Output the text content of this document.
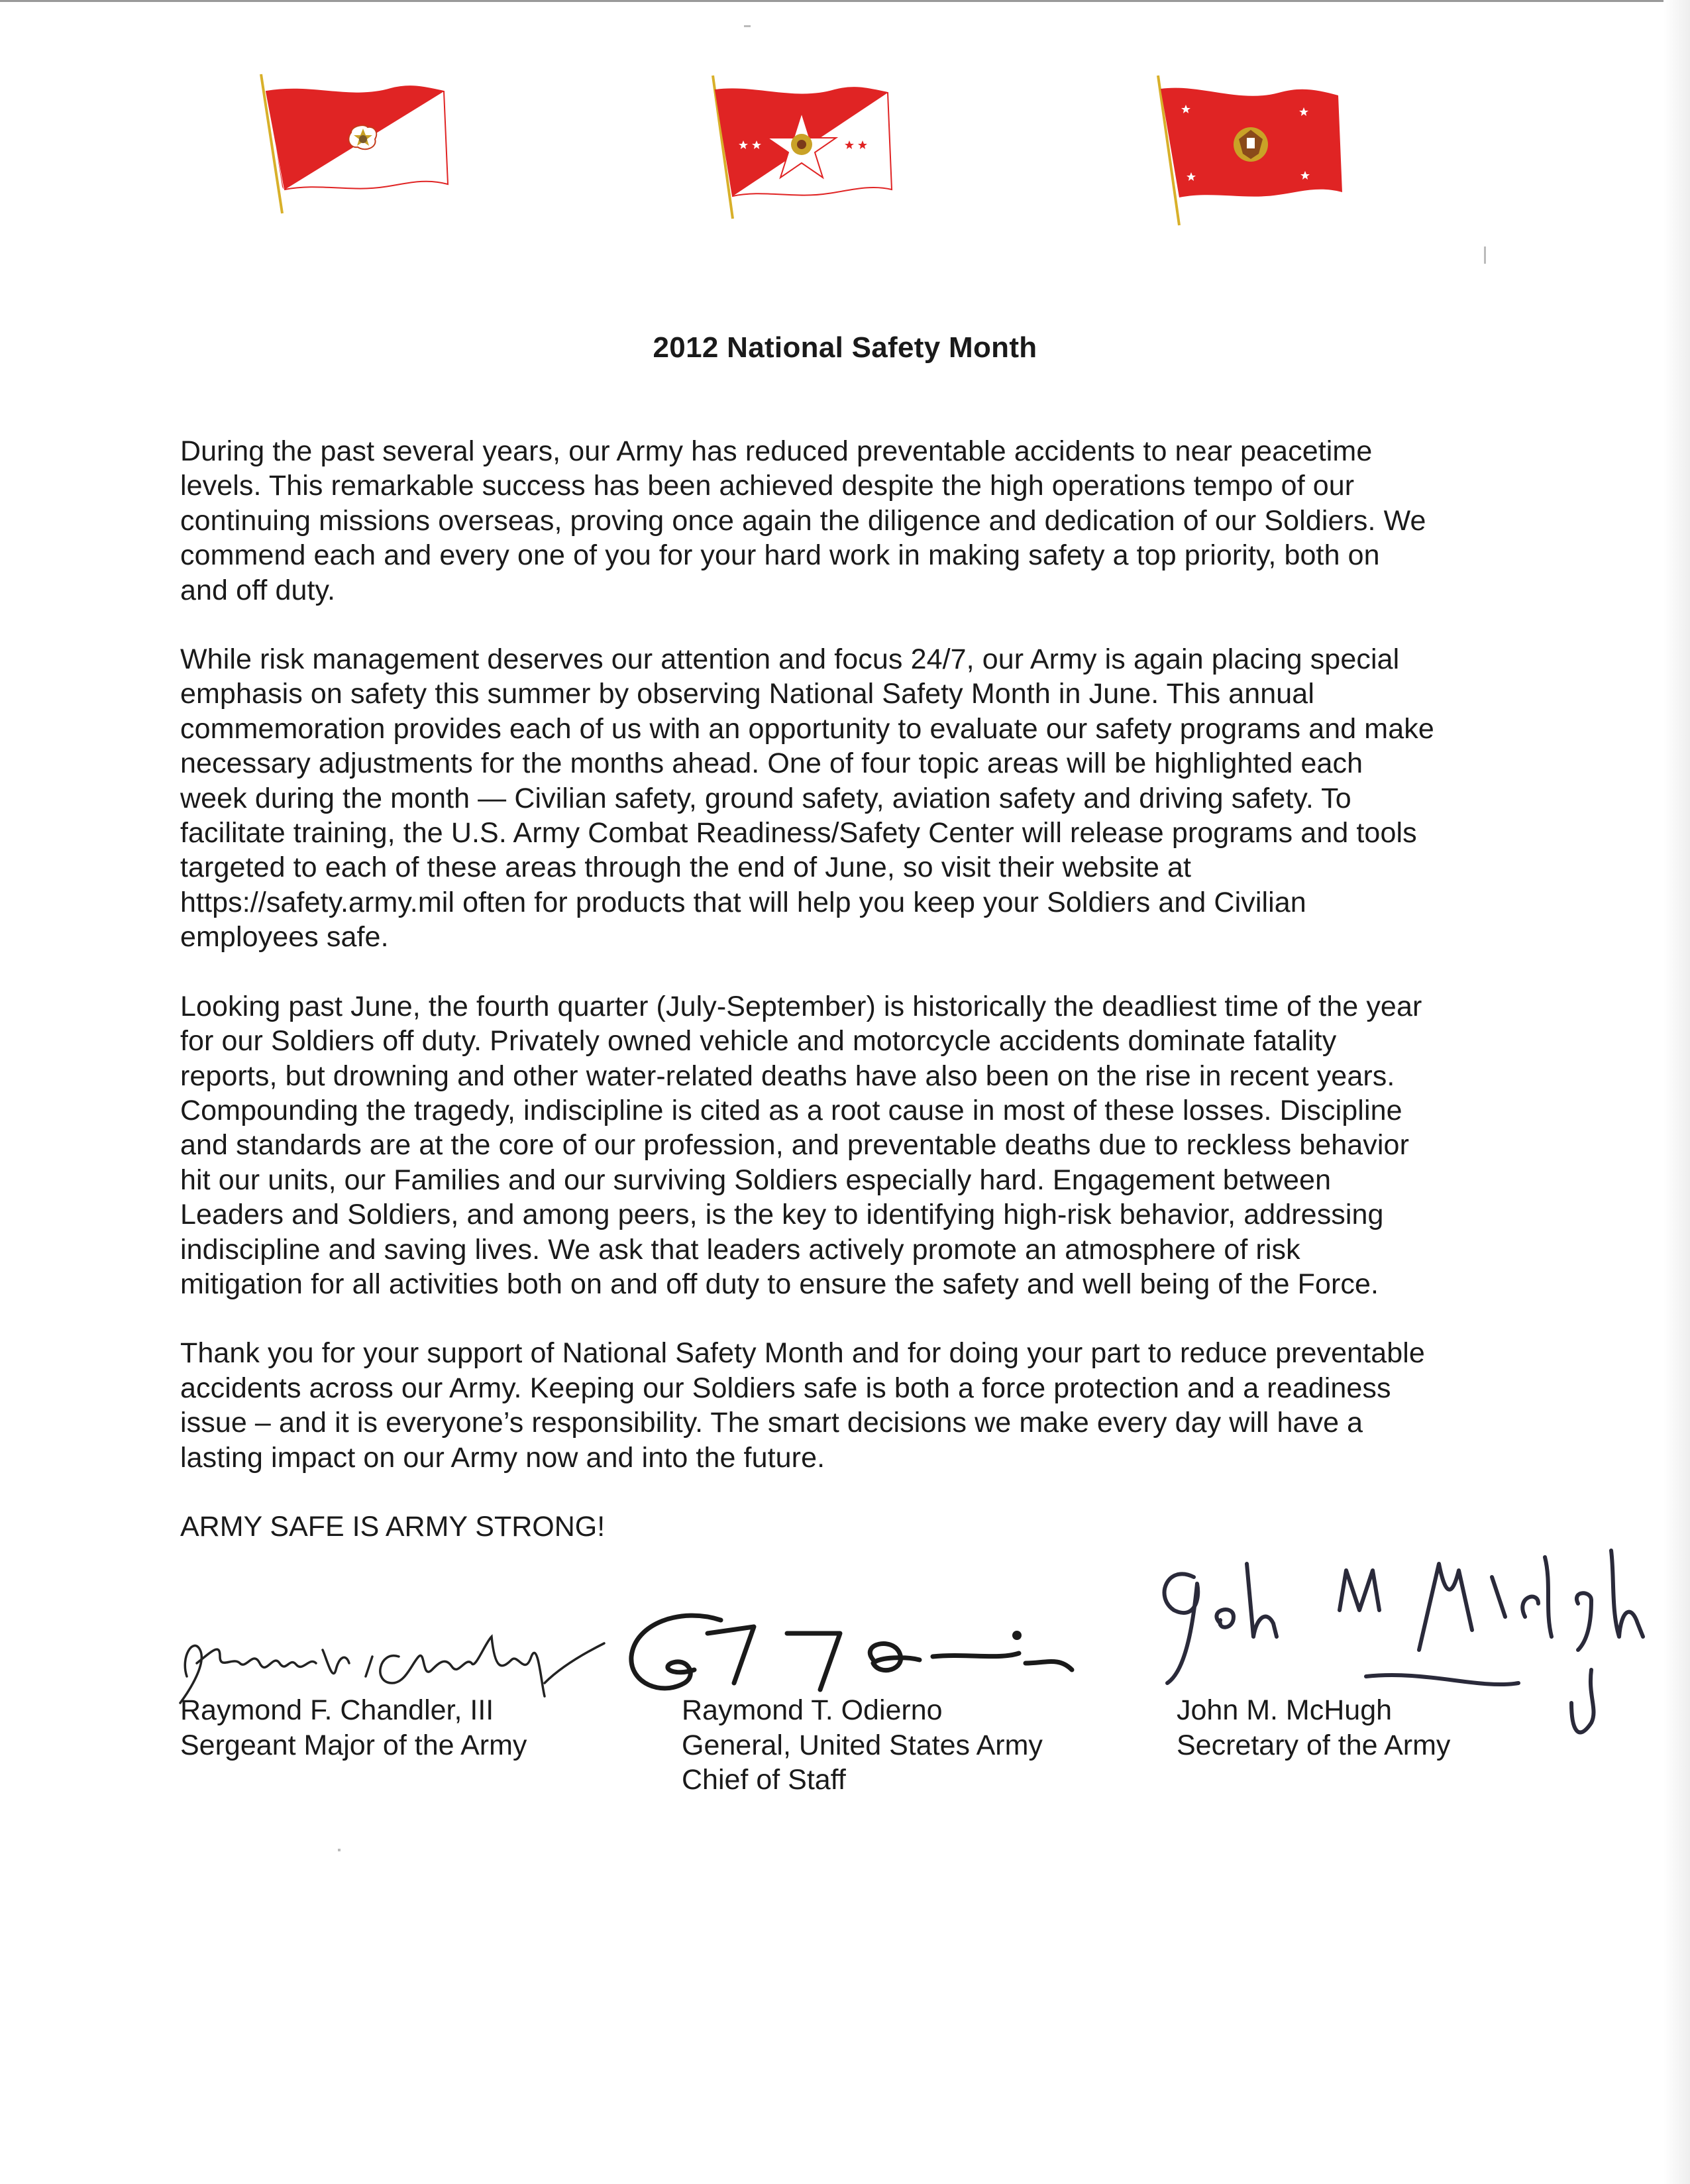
2012 National Safety Month

During the past several years, our Army has reduced preventable accidents to near peacetime
levels. This remarkable success has been achieved despite the high operations tempo of our
continuing missions overseas, proving once again the diligence and dedication of our Soldiers. We
commend each and every one of you for your hard work in making safety a top priority, both on
and off duty.

While risk management deserves our attention and focus 24/7, our Army is again placing special
emphasis on safety this summer by observing National Safety Month in June. This annual
commemoration provides each of us with an opportunity to evaluate our safety programs and make
necessary adjustments for the months ahead. One of four topic areas will be highlighted each
week during the month — Civilian safety, ground safety, aviation safety and driving safety. To
facilitate training, the U.S. Army Combat Readiness/Safety Center will release programs and tools
targeted to each of these areas through the end of June, so visit their website at
https://safety.army.mil often for products that will help you keep your Soldiers and Civilian
employees safe.

Looking past June, the fourth quarter (July-September) is historically the deadliest time of the year
for our Soldiers off duty. Privately owned vehicle and motorcycle accidents dominate fatality
reports, but drowning and other water-related deaths have also been on the rise in recent years.
Compounding the tragedy, indiscipline is cited as a root cause in most of these losses. Discipline
and standards are at the core of our profession, and preventable deaths due to reckless behavior
hit our units, our Families and our surviving Soldiers especially hard. Engagement between
Leaders and Soldiers, and among peers, is the key to identifying high-risk behavior, addressing
indiscipline and saving lives. We ask that leaders actively promote an atmosphere of risk
mitigation for all activities both on and off duty to ensure the safety and well being of the Force.

Thank you for your support of National Safety Month and for doing your part to reduce preventable
accidents across our Army. Keeping our Soldiers safe is both a force protection and a readiness
issue – and it is everyone’s responsibility. The smart decisions we make every day will have a
lasting impact on our Army now and into the future.

ARMY SAFE IS ARMY STRONG!

Raymond F. Chandler, III
Sergeant Major of the Army
Raymond T. Odierno
General, United States Army
Chief of Staff
John M. McHugh
Secretary of the Army
